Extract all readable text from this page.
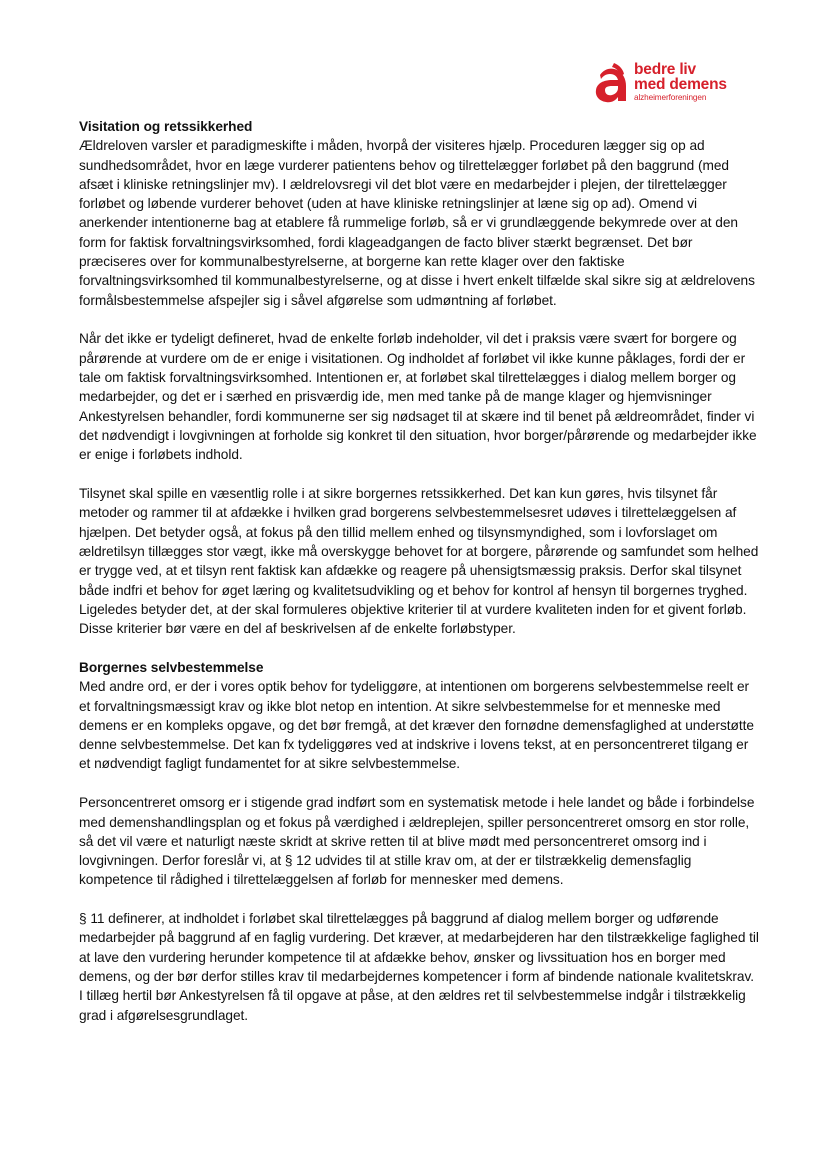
bedre liv
med demens
alzheimerforeningen

Visitation og retssikkerhed

Ældreloven varsler et paradigmeskifte i måden, hvorpå der visiteres hjælp. Proceduren lægger sig op ad sundhedsområdet, hvor en læge vurderer patientens behov og tilrettelægger forløbet på den baggrund (med afsæt i kliniske retningslinjer mv). I ældrelovsregi vil det blot være en medarbejder i plejen, der tilrettelægger forløbet og løbende vurderer behovet (uden at have kliniske retningslinjer at læne sig op ad). Omend vi anerkender intentionerne bag at etablere få rummelige forløb, så er vi grundlæggende bekymrede over at den form for faktisk forvaltningsvirksomhed, fordi klageadgangen de facto bliver stærkt begrænset. Det bør præciseres over for kommunalbestyrelserne, at borgerne kan rette klager over den faktiske forvaltningsvirksomhed til kommunalbestyrelserne, og at disse i hvert enkelt tilfælde skal sikre sig at ældrelovens formålsbestemmelse afspejler sig i såvel afgørelse som udmøntning af forløbet.

Når det ikke er tydeligt defineret, hvad de enkelte forløb indeholder, vil det i praksis være svært for borgere og pårørende at vurdere om de er enige i visitationen. Og indholdet af forløbet vil ikke kunne påklages, fordi der er tale om faktisk forvaltningsvirksomhed. Intentionen er, at forløbet skal tilrettelægges i dialog mellem borger og medarbejder, og det er i særhed en prisværdig ide, men med tanke på de mange klager og hjemvisninger Ankestyrelsen behandler, fordi kommunerne ser sig nødsaget til at skære ind til benet på ældreområdet, finder vi det nødvendigt i lovgivningen at forholde sig konkret til den situation, hvor borger/pårørende og medarbejder ikke er enige i forløbets indhold.

Tilsynet skal spille en væsentlig rolle i at sikre borgernes retssikkerhed. Det kan kun gøres, hvis tilsynet får metoder og rammer til at afdække i hvilken grad borgerens selvbestemmelsesret udøves i tilrettelæggelsen af hjælpen. Det betyder også, at fokus på den tillid mellem enhed og tilsynsmyndighed, som i lovforslaget om ældretilsyn tillægges stor vægt, ikke må overskygge behovet for at borgere, pårørende og samfundet som helhed er trygge ved, at et tilsyn rent faktisk kan afdække og reagere på uhensigtsmæssig praksis. Derfor skal tilsynet både indfri et behov for øget læring og kvalitetsudvikling og et behov for kontrol af hensyn til borgernes tryghed. Ligeledes betyder det, at der skal formuleres objektive kriterier til at vurdere kvaliteten inden for et givent forløb. Disse kriterier bør være en del af beskrivelsen af de enkelte forløbstyper.

Borgernes selvbestemmelse

Med andre ord, er der i vores optik behov for tydeliggøre, at intentionen om borgerens selvbestemmelse reelt er et forvaltningsmæssigt krav og ikke blot netop en intention. At sikre selvbestemmelse for et menneske med demens er en kompleks opgave, og det bør fremgå, at det kræver den fornødne demensfaglighed at understøtte denne selvbestemmelse. Det kan fx tydeliggøres ved at indskrive i lovens tekst, at en personcentreret tilgang er et nødvendigt fagligt fundamentet for at sikre selvbestemmelse.

Personcentreret omsorg er i stigende grad indført som en systematisk metode i hele landet og både i forbindelse med demenshandlingsplan og et fokus på værdighed i ældreplejen, spiller personcentreret omsorg en stor rolle, så det vil være et naturligt næste skridt at skrive retten til at blive mødt med personcentreret omsorg ind i lovgivningen. Derfor foreslår vi, at § 12 udvides til at stille krav om, at der er tilstrækkelig demensfaglig kompetence til rådighed i tilrettelæggelsen af forløb for mennesker med demens.

§ 11 definerer, at indholdet i forløbet skal tilrettelægges på baggrund af dialog mellem borger og udførende medarbejder på baggrund af en faglig vurdering. Det kræver, at medarbejderen har den tilstrækkelige faglighed til at lave den vurdering herunder kompetence til at afdække behov, ønsker og livssituation hos en borger med demens, og der bør derfor stilles krav til medarbejdernes kompetencer i form af bindende nationale kvalitetskrav. I tillæg hertil bør Ankestyrelsen få til opgave at påse, at den ældres ret til selvbestemmelse indgår i tilstrækkelig grad i afgørelsesgrundlaget.
